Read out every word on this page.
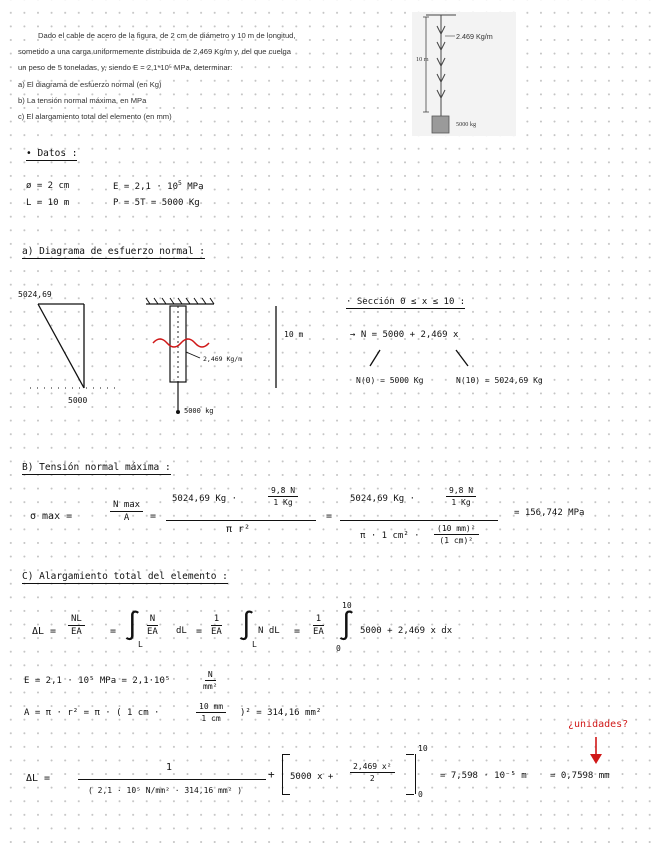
Dado el cable de acero de la figura, de 2 cm de diámetro y 10 m de longitud,
sometido a una carga uniformemente distribuida de 2,469 Kg/m y, del que cuelga
un peso de 5 toneladas, y, siendo E = 2,1*10⁵ MPa, determinar:
a) El diagrama de esfuerzo normal (en Kg)
b) La tensión normal máxima, en MPa
c) El alargamiento total del elemento (en mm)
2.469 Kg/m
10 m
5000 kg
• Datos :
ø = 2 cm
L = 10 m
$E = 2,1 \cdot 10^5$ MPa
P = 5T = 5000 Kg
a) Diagrama de esfuerzo normal :
5024,69
5000
2,469 Kg/m
5000 kg
10 m
· Sección 0 ≤ x ≤ 10 :
→ N = 5000 + 2,469 x
N(0) = 5000 Kg	N(10) = 5024,69 Kg
B) Tensión normal máxima :
σ max =	$\frac{\text{N max}}{A}$ =
5024,69 Kg ·	$\frac{9,8 N}{1 Kg}$
π r²
=
5024,69 Kg ·	$\frac{9,8 N}{1 Kg}$
π · 1 $cm^2 \cdot \frac{\text{(10 mm)²}}{\text{(1 cm)²}}$
= 156,742 MPa
C) Alargamiento total del elemento :
$\Delta L = \frac{NL}{EA}$	= ∫
L
$\frac{N}{EA}$ dL = $\frac{1}{EA}$ ∫
L
N dL = $\frac{1}{EA}$ ∫
10
0
5000 + 2,469 x dx
E = 2,1 · 10⁵ MPa = 2,1·10⁵	$\frac{N}{\text{mm²}}$
A = π · r² = π · ( 1 cm ·	$\frac{10 mm}{1 cm} )^2 = 314,16$ mm²
ΔL =
1
( 2,1 · 10⁵ N/mm² · 314,16 mm² )
+ 5000 $x + \frac{\text{2,469 x²}}{2}$
10
0
= 7,598 · 10⁻⁵ m	= 0,7598 mm
¿unidades?
